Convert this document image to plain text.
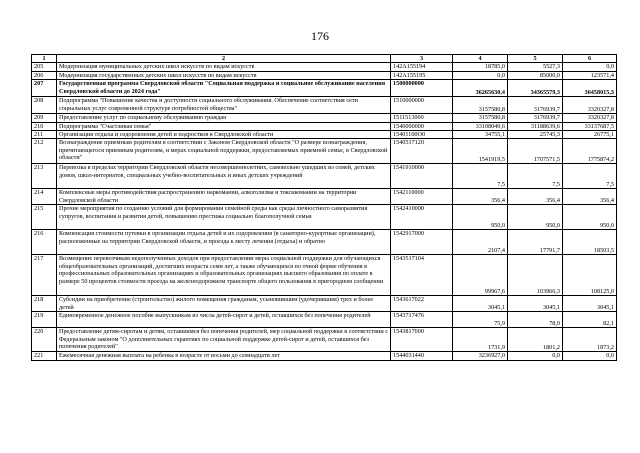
176
1	2	3	4	5	6
205	Модернизация муниципальных детских школ искусств по видам искусств	142A155194	18785,0	5527,3	0,0
206	Модернизация государственных детских школ искусств по видам искусств	142A155195	0,0	85000,0	123571,4
207	Государственная программа Свердловской области "Социальная поддержка и социальное обслуживание населения Свердловской области до 2024 года"	1500000000	36265630,4	34365579,3	36458015,3
208	Подпрограмма "Повышение качества и доступности социального обслуживания. Обеспечение соответствия сети социальных услуг современной структуре потребностей общества"	1510000000	3157580,8	3176939,7	3320327,8
209	Предоставление услуг по социальному обслуживанию граждан	1511513000	3157580,8	3176939,7	3320327,8
210	Подпрограмма "Счастливая семья"	1540000000	33108049,6	31188639,6	33137687,5
211	Организация отдыха и оздоровления детей и подростков в Свердловской области	15401100О0	34755,1	25745,3	26775,1
212	Вознаграждение приемным родителям в соответствии с Законом Свердловской области "О размере вознаграждения, причитающегося приемным родителям, и мерах социальной поддержки, предоставляемых приемной семье, в Свердловской области"	1540517120	1541919,5	1707571,5	1775874,2
213	Перевозка в пределах территории Свердловской области несовершеннолетних, самовольно ушедших из семей, детских домов, школ-интернатов, специальных учебно-воспитательных и иных детских учреждений	1541910000	7,5	7,5	7,5
214	Комплексные меры противодействия распространению наркомании, алкоголизма и токсикомании на территории Свердловской области	1542110000	356,4	356,4	356,4
215	Прочие мероприятия по созданию условий для формирования семейной среды как среды личностного саморазвития супругов, воспитания и развития детей, повышению престижа социально благополучной семьи	1542410000	950,0	950,0	950,0
216	Компенсация стоимости путевки в организации отдыха детей и их оздоровления (в санаторно-курортные организации), расположенные на территории Свердловской области, и проезда к месту лечения (отдыха) и обратно	1542917000	2107,4	17791,7	18503,5
217	Возмещение перевозчикам недополученных доходов при предоставлении меры социальной поддержки для обучающихся общеобразовательных организаций, достигших возраста семи лет, а также обучающихся по очной форме обучения в профессиональных образовательных организациях и образовательных организациях высшего образования по оплате в размере 50 процентов стоимости проезда на железнодорожном транспорте общего пользования в пригородном сообщении	1543517104	99967,6	103966,3	108125,0
218	Субсидии на приобретение (строительство) жилого помещения гражданам, усыновившим (удочерившим) трех и более детей	1543617022	3045,1	3045,1	3045,1
219	Единовременное денежное пособие выпускникам из числа детей-сирот и детей, оставшихся без попечения родителей	1543717476	75,9	78,9	82,1
220	Предоставление детям-сиротам и детям, оставшимся без попечения родителей, мер социальной поддержки в соответствии с Федеральным законом "О дополнительных гарантиях по социальной поддержке детей-сирот и детей, оставшихся без попечения родителей"	1543817000	1731,9	1801,2	1873,2
221	Ежемесячная денежная выплата на ребенка в возрасте от восьми до семнадцати лет	1544031440	3236927,0	0,0	0,0
